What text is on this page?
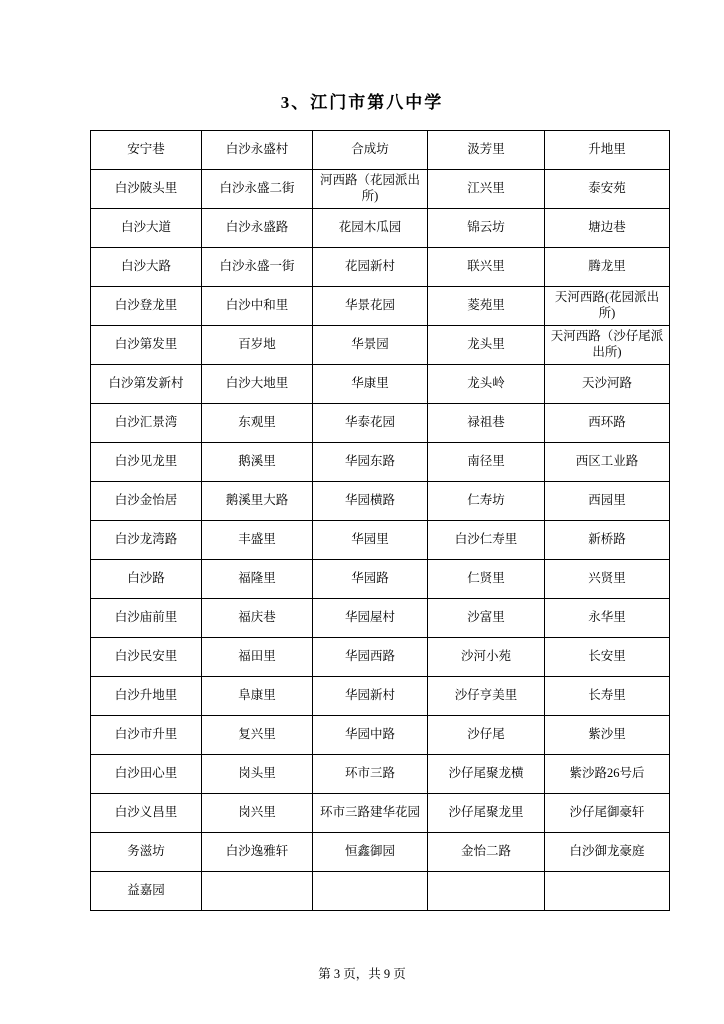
3、江门市第八中学
安宁巷	白沙永盛村	合成坊	汲芳里	升地里
白沙陂头里	白沙永盛二街	河西路（花园派出所)	江兴里	泰安苑
白沙大道	白沙永盛路	花园木瓜园	锦云坊	塘边巷
白沙大路	白沙永盛一街	花园新村	联兴里	腾龙里
白沙登龙里	白沙中和里	华景花园	菱苑里	天河西路(花园派出所)
白沙第发里	百岁地	华景园	龙头里	天河西路（沙仔尾派出所)
白沙第发新村	白沙大地里	华康里	龙头岭	天沙河路
白沙汇景湾	东观里	华泰花园	禄祖巷	西环路
白沙见龙里	鹅溪里	华园东路	南径里	西区工业路
白沙金怡居	鹅溪里大路	华园横路	仁寿坊	西园里
白沙龙湾路	丰盛里	华园里	白沙仁寿里	新桥路
白沙路	福隆里	华园路	仁贤里	兴贤里
白沙庙前里	福庆巷	华园屋村	沙富里	永华里
白沙民安里	福田里	华园西路	沙河小苑	长安里
白沙升地里	阜康里	华园新村	沙仔亨美里	长寿里
白沙市升里	复兴里	华园中路	沙仔尾	紫沙里
白沙田心里	岗头里	环市三路	沙仔尾聚龙横	紫沙路26号后
白沙义昌里	岗兴里	环市三路建华花园	沙仔尾聚龙里	沙仔尾御豪轩
务滋坊	白沙逸雅轩	恒鑫御园	金怡二路	白沙御龙豪庭
益嘉园				
第 3 页，共 9 页
